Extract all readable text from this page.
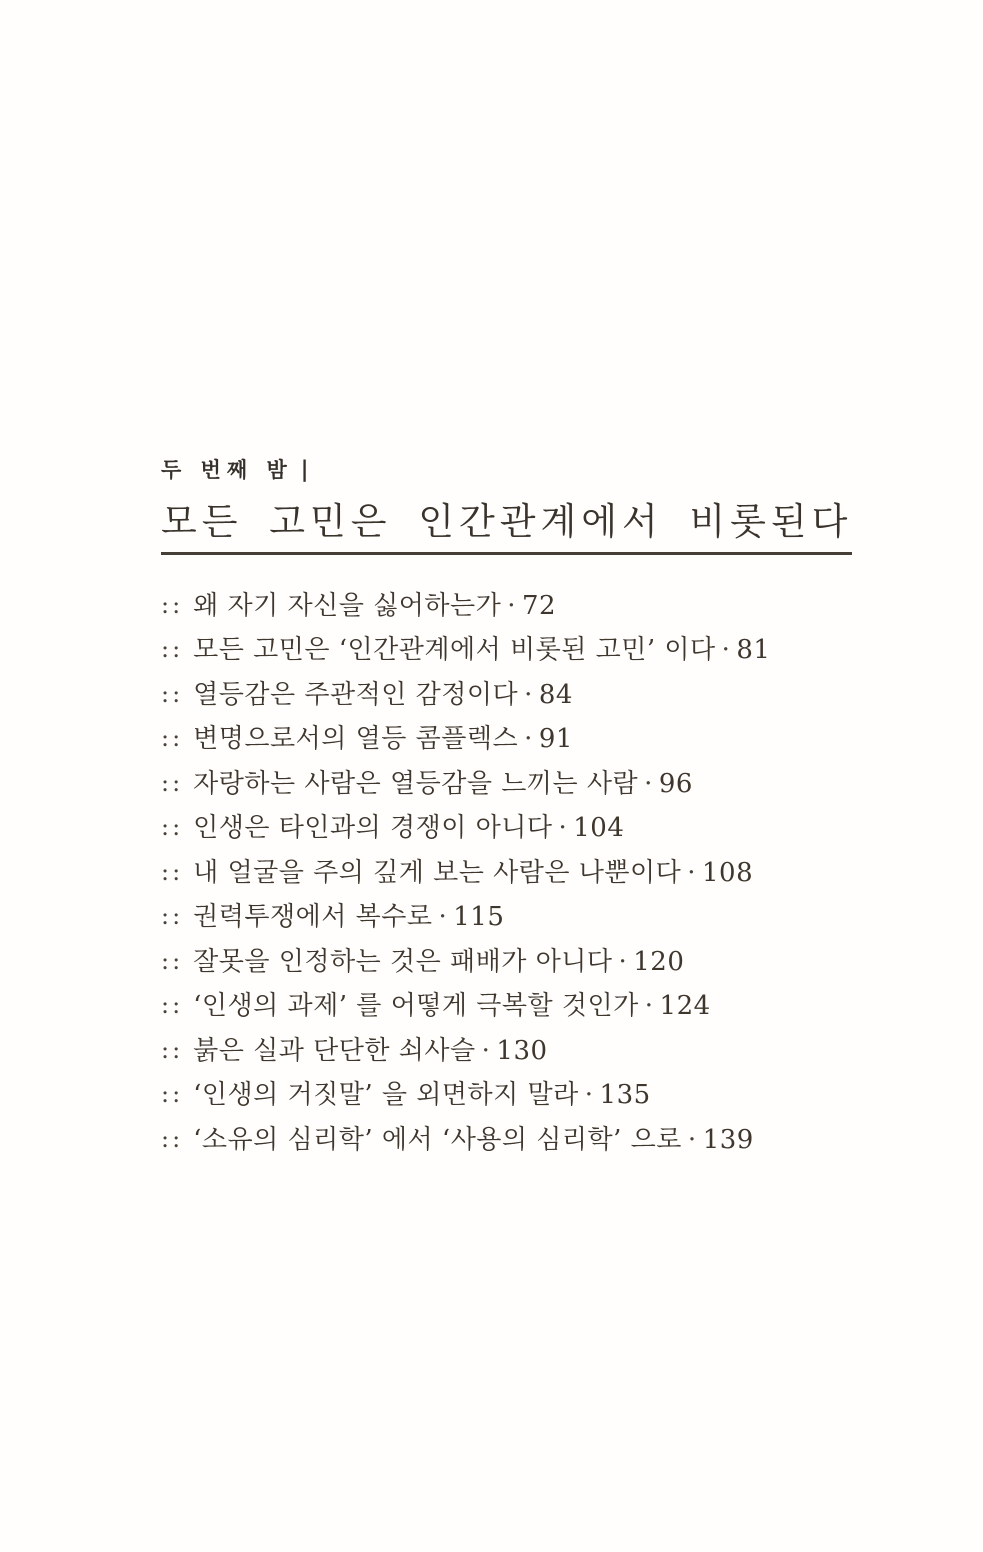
두 번째 밤 |
모든 고민은 인간관계에서 비롯된다
:: 왜 자기 자신을 싫어하는가 · 72
:: 모든 고민은 ‘인간관계에서 비롯된 고민’ 이다 · 81
:: 열등감은 주관적인 감정이다 · 84
:: 변명으로서의 열등 콤플렉스 · 91
:: 자랑하는 사람은 열등감을 느끼는 사람 · 96
:: 인생은 타인과의 경쟁이 아니다 · 104
:: 내 얼굴을 주의 깊게 보는 사람은 나뿐이다 · 108
:: 권력투쟁에서 복수로 · 115
:: 잘못을 인정하는 것은 패배가 아니다 · 120
:: ‘인생의 과제’ 를 어떻게 극복할 것인가 · 124
:: 붉은 실과 단단한 쇠사슬 · 130
:: ‘인생의 거짓말’ 을 외면하지 말라 · 135
:: ‘소유의 심리학’ 에서 ‘사용의 심리학’ 으로 · 139
